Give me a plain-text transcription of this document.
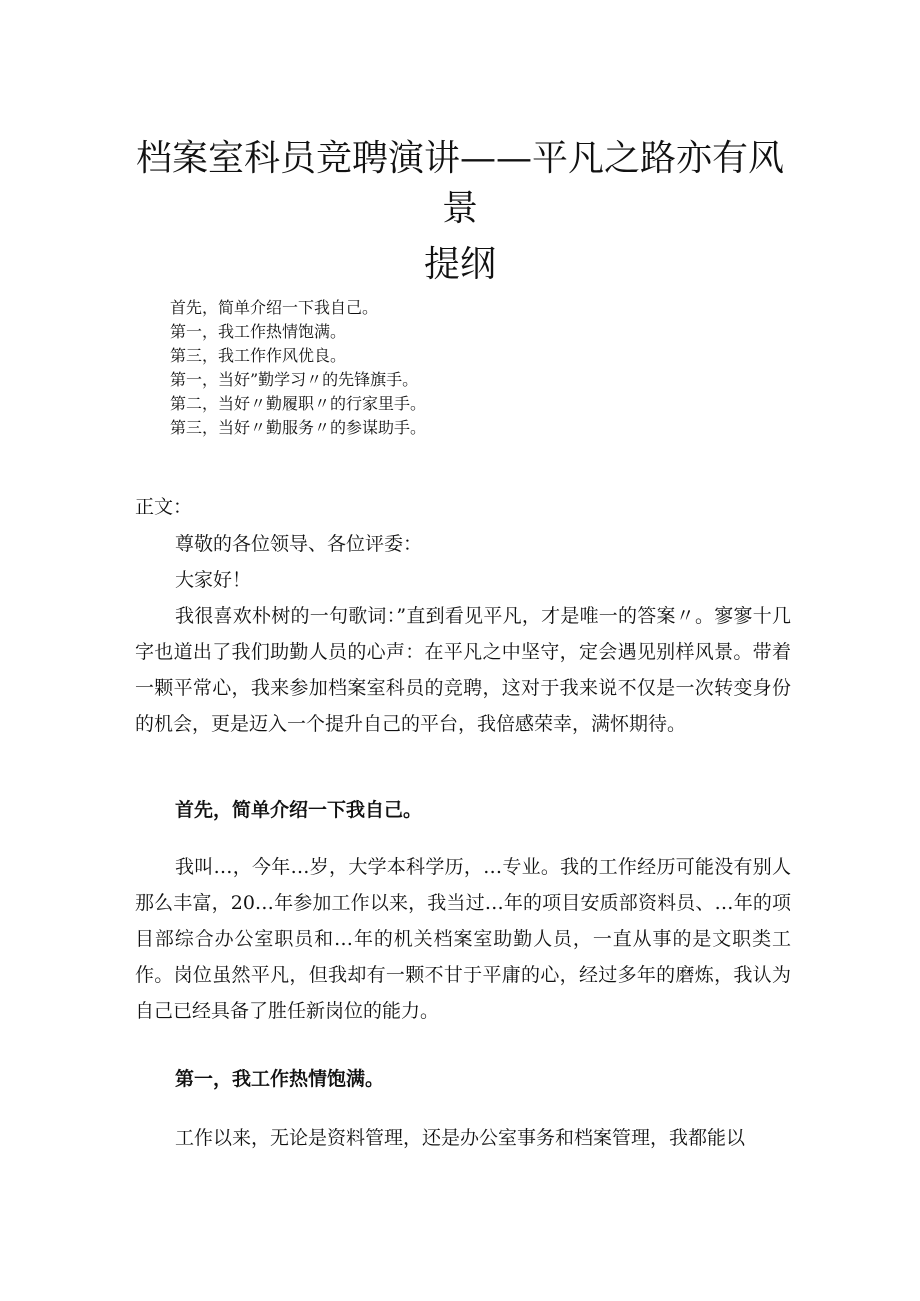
档案室科员竞聘演讲——平凡之路亦有风
景
提纲
首先，简单介绍一下我自己。
第一，我工作热情饱满。
第三，我工作作风优良。
第一，当好”勤学习〃的先锋旗手。
第二，当好〃勤履职〃的行家里手。
第三，当好〃勤服务〃的参谋助手。
正文：
尊敬的各位领导、各位评委：
大家好！
我很喜欢朴树的一句歌词：”直到看见平凡，才是唯一的答案〃。寥寥十几字也道出了我们助勤人员的心声：在平凡之中坚守，定会遇见别样风景。带着一颗平常心，我来参加档案室科员的竞聘，这对于我来说不仅是一次转变身份的机会，更是迈入一个提升自己的平台，我倍感荣幸，满怀期待。
首先，简单介绍一下我自己。
我叫…，今年…岁，大学本科学历，…专业。我的工作经历可能没有别人那么丰富，20…年参加工作以来，我当过…年的项目安质部资料员、…年的项目部综合办公室职员和…年的机关档案室助勤人员，一直从事的是文职类工作。岗位虽然平凡，但我却有一颗不甘于平庸的心，经过多年的磨炼，我认为自己已经具备了胜任新岗位的能力。
第一，我工作热情饱满。
工作以来，无论是资料管理，还是办公室事务和档案管理，我都能以
